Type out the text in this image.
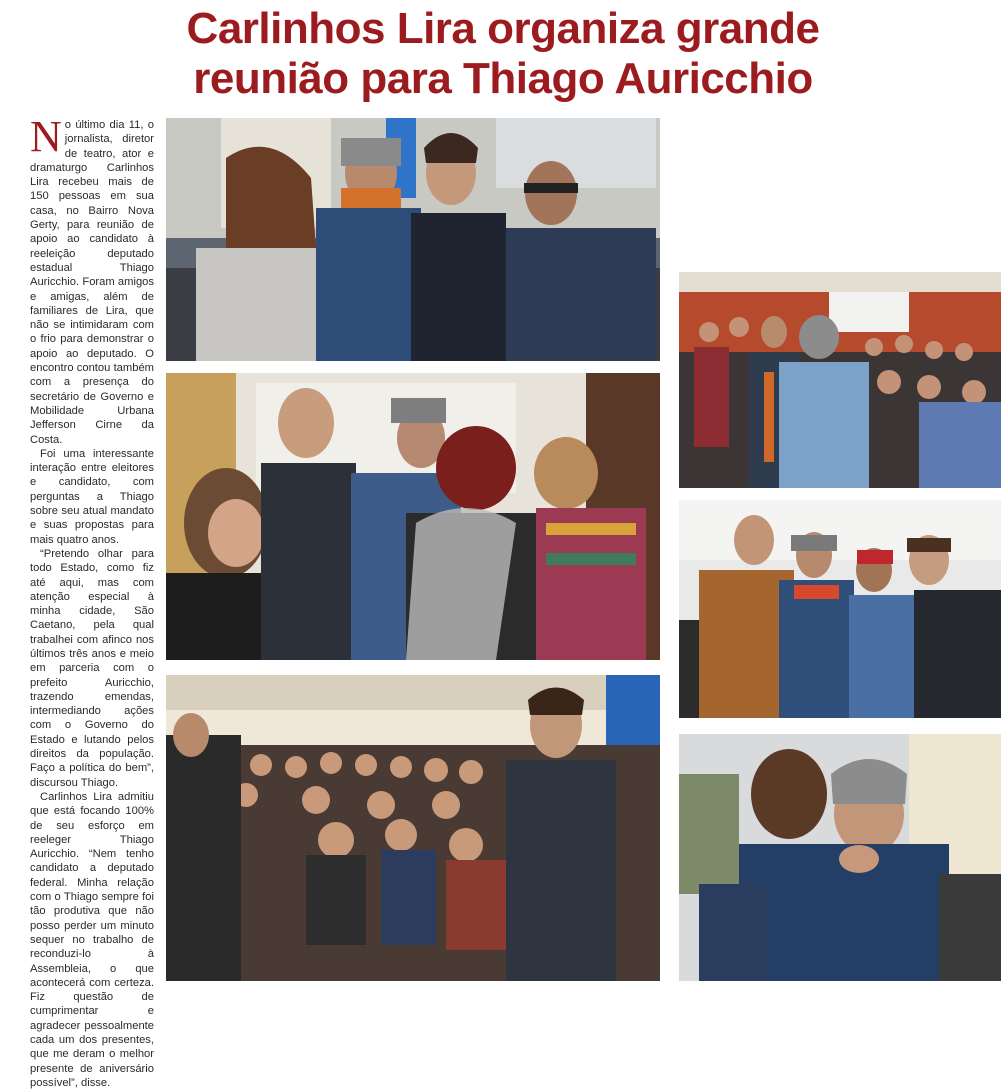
Carlinhos Lira organiza grande
reunião para Thiago Auricchio

No último dia 11, o jornalista, diretor de teatro, ator e dramaturgo Carlinhos Lira recebeu mais de 150 pessoas em sua casa, no Bairro Nova Gerty, para reunião de apoio ao candidato à reeleição deputado estadual Thiago Auricchio. Foram amigos e amigas, além de familiares de Lira, que não se intimidaram com o frio para demonstrar o apoio ao deputado. O encontro contou também com a presença do secretário de Governo e Mobilidade Urbana Jefferson Cirne da Costa.

Foi uma interessante interação entre eleitores e candidato, com perguntas a Thiago sobre seu atual mandato e suas propostas para mais quatro anos.

“Pretendo olhar para todo Estado, como fiz até aqui, mas com atenção especial à minha cidade, São Caetano, pela qual trabalhei com afinco nos últimos três anos e meio em parceria com o prefeito Auricchio, trazendo emendas, intermediando ações com o Governo do Estado e lutando pelos direitos da população. Faço a política do bem”, discursou Thiago.

Carlinhos Lira admitiu que está focando 100% de seu esforço em reeleger Thiago Auricchio. “Nem tenho candidato a deputado federal. Minha relação com o Thiago sempre foi tão produtiva que não posso perder um minuto sequer no trabalho de reconduzi-lo à Assembleia, o que acontecerá com certeza. Fiz questão de cumprimentar e agradecer pessoalmente cada um dos presentes, que me deram o melhor presente de aniversário possível”, disse.
